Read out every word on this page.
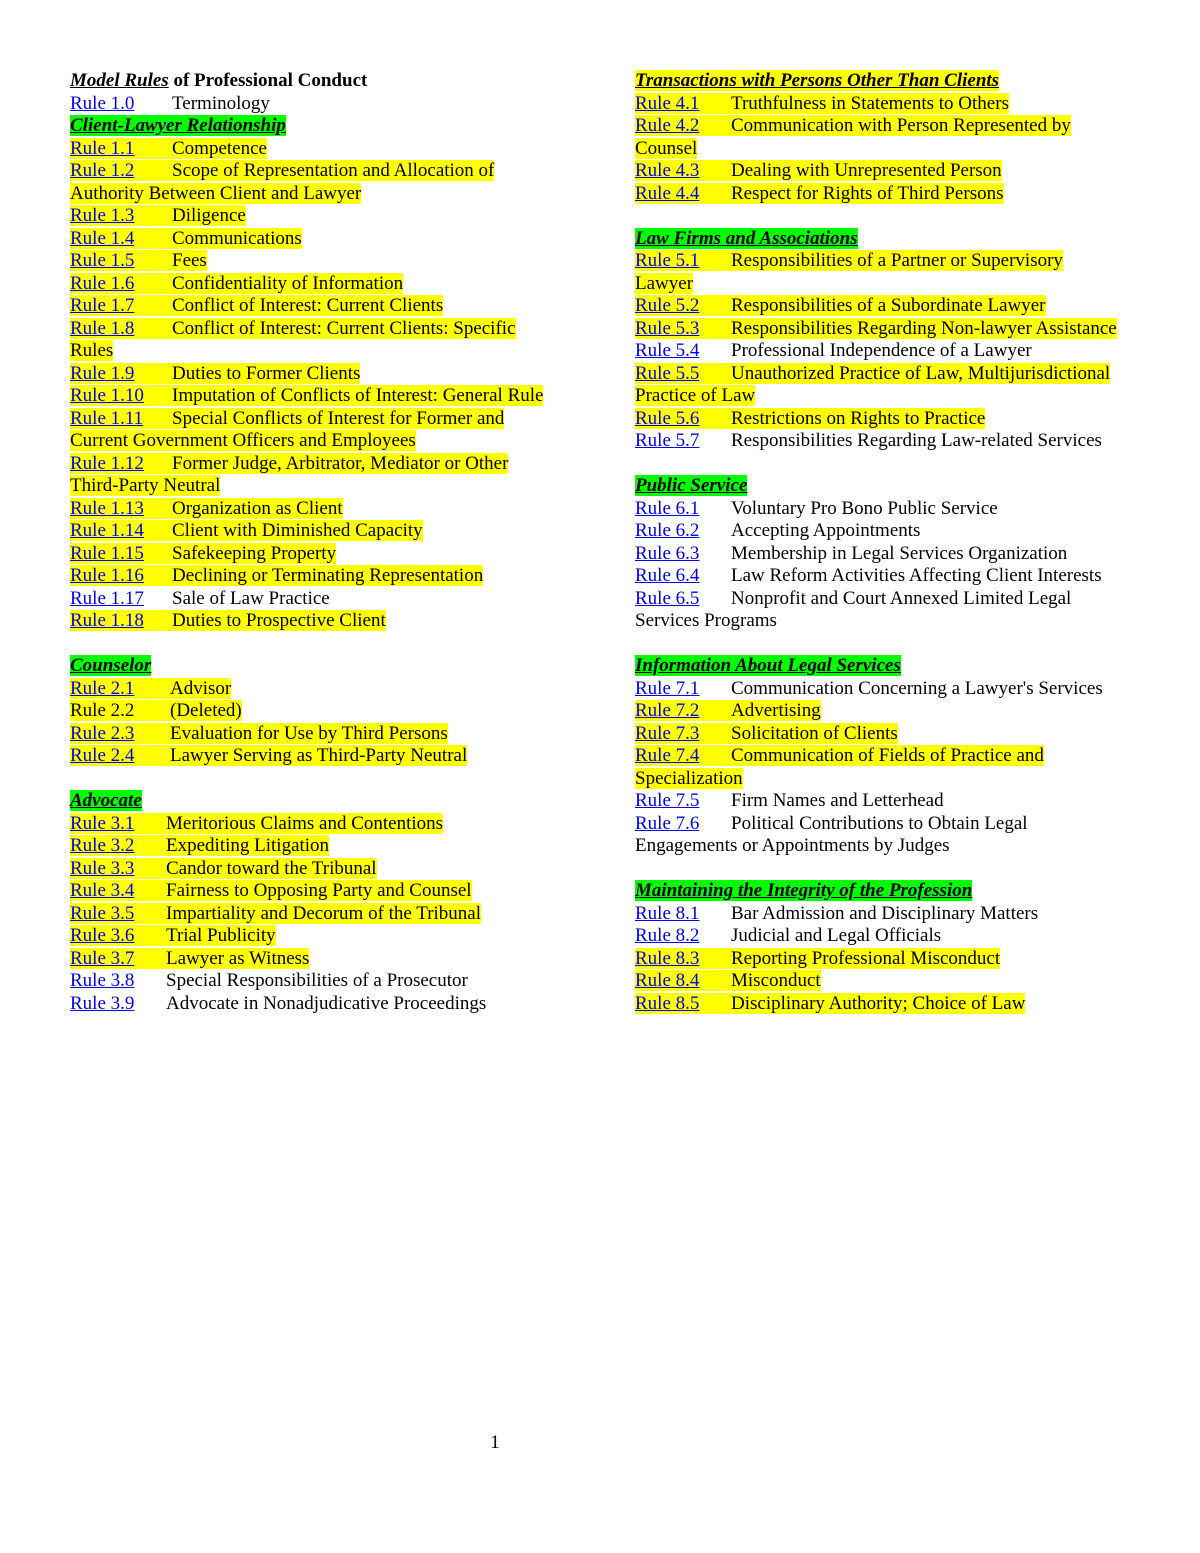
Model Rules of Professional Conduct
Rule 1.0 Terminology
Client-Lawyer Relationship
Rule 1.1 Competence
Rule 1.2 Scope of Representation and Allocation of
Authority Between Client and Lawyer
Rule 1.3 Diligence
Rule 1.4 Communications
Rule 1.5 Fees
Rule 1.6 Confidentiality of Information
Rule 1.7 Conflict of Interest: Current Clients
Rule 1.8 Conflict of Interest: Current Clients: Specific
Rules
Rule 1.9 Duties to Former Clients
Rule 1.10 Imputation of Conflicts of Interest: General Rule
Rule 1.11 Special Conflicts of Interest for Former and
Current Government Officers and Employees
Rule 1.12 Former Judge, Arbitrator, Mediator or Other
Third-Party Neutral
Rule 1.13 Organization as Client
Rule 1.14 Client with Diminished Capacity
Rule 1.15 Safekeeping Property
Rule 1.16 Declining or Terminating Representation
Rule 1.17 Sale of Law Practice
Rule 1.18 Duties to Prospective Client
Counselor
Rule 2.1 Advisor
Rule 2.2 (Deleted)
Rule 2.3 Evaluation for Use by Third Persons
Rule 2.4 Lawyer Serving as Third-Party Neutral
Advocate
Rule 3.1 Meritorious Claims and Contentions
Rule 3.2 Expediting Litigation
Rule 3.3 Candor toward the Tribunal
Rule 3.4 Fairness to Opposing Party and Counsel
Rule 3.5 Impartiality and Decorum of the Tribunal
Rule 3.6 Trial Publicity
Rule 3.7 Lawyer as Witness
Rule 3.8 Special Responsibilities of a Prosecutor
Rule 3.9 Advocate in Nonadjudicative Proceedings
Transactions with Persons Other Than Clients
Rule 4.1 Truthfulness in Statements to Others
Rule 4.2 Communication with Person Represented by
Counsel
Rule 4.3 Dealing with Unrepresented Person
Rule 4.4 Respect for Rights of Third Persons
Law Firms and Associations
Rule 5.1 Responsibilities of a Partner or Supervisory
Lawyer
Rule 5.2 Responsibilities of a Subordinate Lawyer
Rule 5.3 Responsibilities Regarding Non-lawyer Assistance
Rule 5.4 Professional Independence of a Lawyer
Rule 5.5 Unauthorized Practice of Law, Multijurisdictional
Practice of Law
Rule 5.6 Restrictions on Rights to Practice
Rule 5.7 Responsibilities Regarding Law-related Services
Public Service
Rule 6.1 Voluntary Pro Bono Public Service
Rule 6.2 Accepting Appointments
Rule 6.3 Membership in Legal Services Organization
Rule 6.4 Law Reform Activities Affecting Client Interests
Rule 6.5 Nonprofit and Court Annexed Limited Legal
Services Programs
Information About Legal Services
Rule 7.1 Communication Concerning a Lawyer's Services
Rule 7.2 Advertising
Rule 7.3 Solicitation of Clients
Rule 7.4 Communication of Fields of Practice and
Specialization
Rule 7.5 Firm Names and Letterhead
Rule 7.6 Political Contributions to Obtain Legal
Engagements or Appointments by Judges
Maintaining the Integrity of the Profession
Rule 8.1 Bar Admission and Disciplinary Matters
Rule 8.2 Judicial and Legal Officials
Rule 8.3 Reporting Professional Misconduct
Rule 8.4 Misconduct
Rule 8.5 Disciplinary Authority; Choice of Law
1
